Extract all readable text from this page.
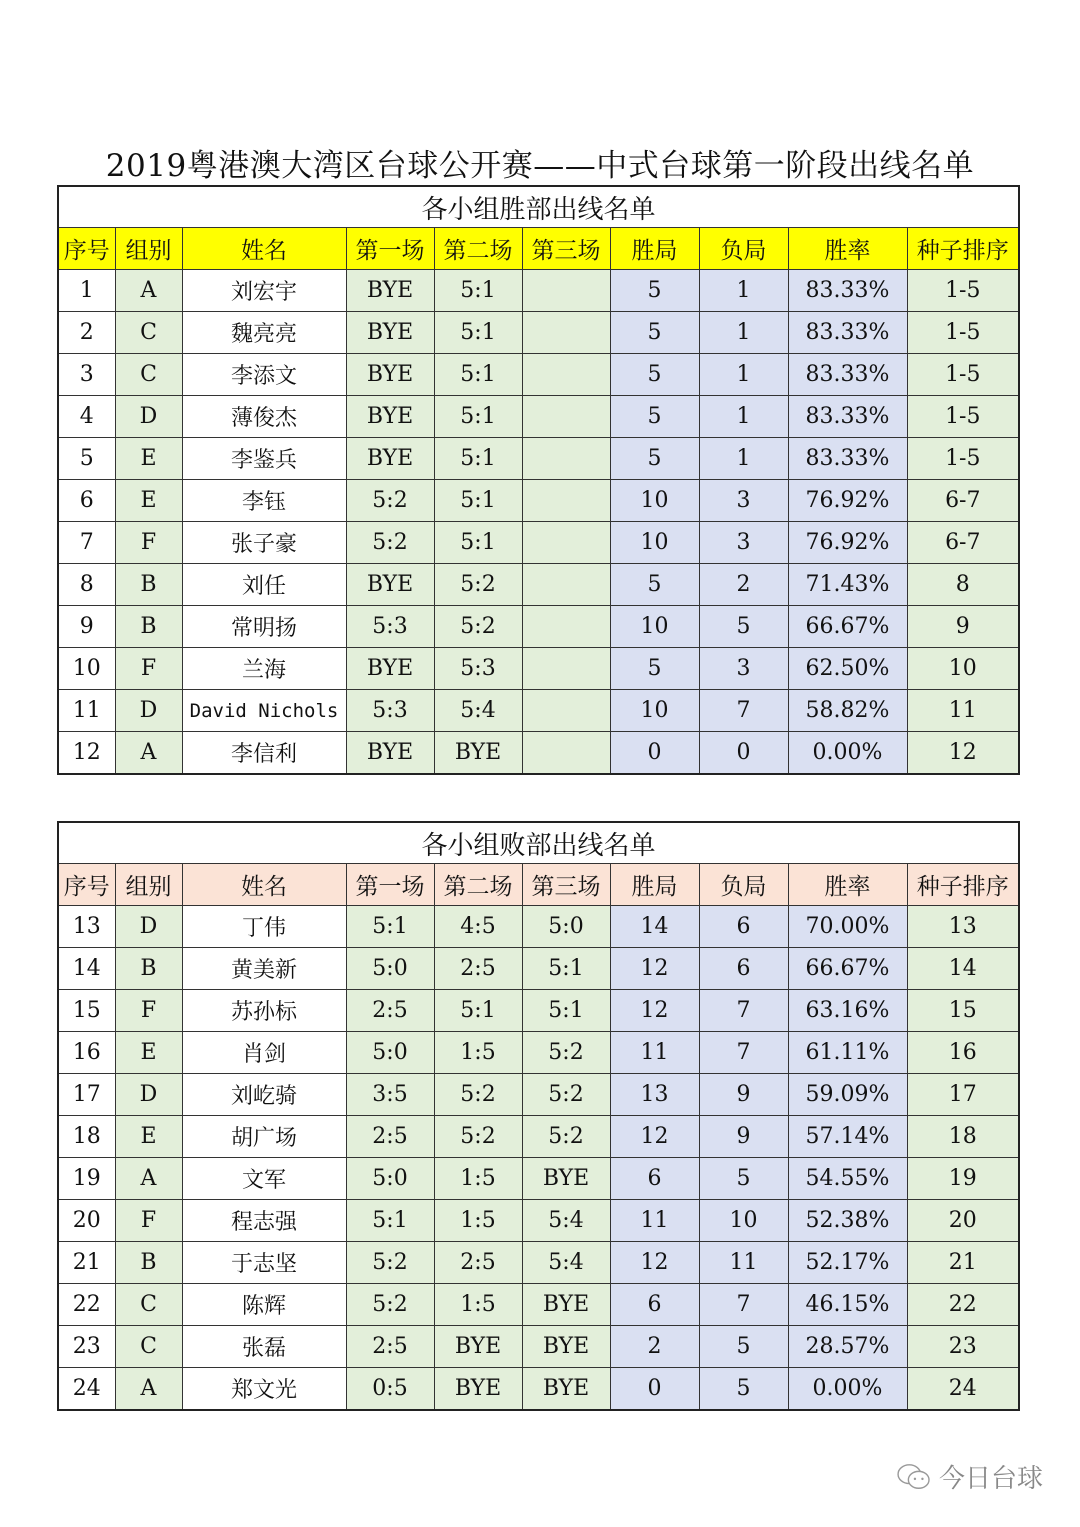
2019粤港澳大湾区台球公开赛——中式台球第一阶段出线名单
各小组胜部出线名单									
序号	组别	姓名	第一场	第二场	第三场	胜局	负局	胜率	种子排序
1	A	刘宏宇	BYE	5:1		5	1	83.33%	1-5
2	C	魏亮亮	BYE	5:1		5	1	83.33%	1-5
3	C	李添文	BYE	5:1		5	1	83.33%	1-5
4	D	薄俊杰	BYE	5:1		5	1	83.33%	1-5
5	E	李鉴兵	BYE	5:1		5	1	83.33%	1-5
6	E	李钰	5:2	5:1		10	3	76.92%	6-7
7	F	张子豪	5:2	5:1		10	3	76.92%	6-7
8	B	刘任	BYE	5:2		5	2	71.43%	8
9	B	常明扬	5:3	5:2		10	5	66.67%	9
10	F	兰海	BYE	5:3		5	3	62.50%	10
11	D	David Nichols	5:3	5:4		10	7	58.82%	11
12	A	李信利	BYE	BYE		0	0	0.00%	12
各小组败部出线名单									
序号	组别	姓名	第一场	第二场	第三场	胜局	负局	胜率	种子排序
13	D	丁伟	5:1	4:5	5:0	14	6	70.00%	13
14	B	黄美新	5:0	2:5	5:1	12	6	66.67%	14
15	F	苏孙标	2:5	5:1	5:1	12	7	63.16%	15
16	E	肖剑	5:0	1:5	5:2	11	7	61.11%	16
17	D	刘屹骑	3:5	5:2	5:2	13	9	59.09%	17
18	E	胡广场	2:5	5:2	5:2	12	9	57.14%	18
19	A	文军	5:0	1:5	BYE	6	5	54.55%	19
20	F	程志强	5:1	1:5	5:4	11	10	52.38%	20
21	B	于志坚	5:2	2:5	5:4	12	11	52.17%	21
22	C	陈辉	5:2	1:5	BYE	6	7	46.15%	22
23	C	张磊	2:5	BYE	BYE	2	5	28.57%	23
24	A	郑文光	0:5	BYE	BYE	0	5	0.00%	24
今日台球
